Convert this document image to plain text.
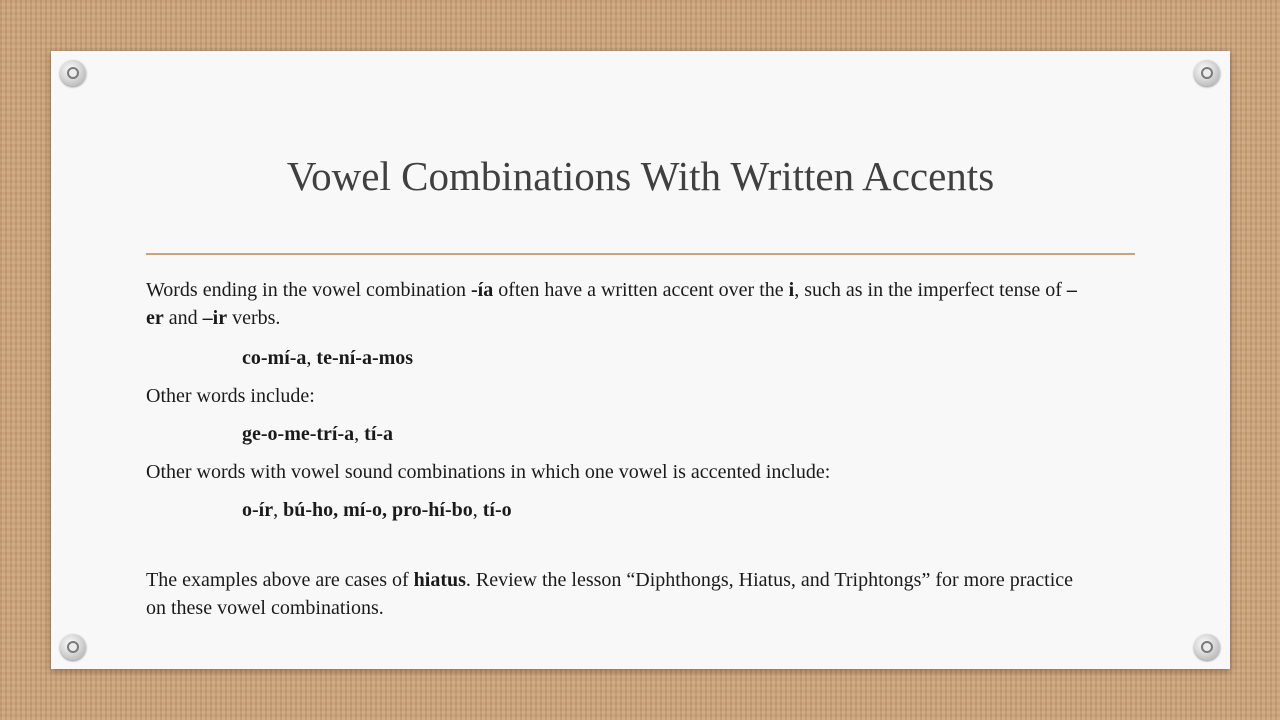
Vowel Combinations With Written Accents

Words ending in the vowel combination -ía often have a written accent over the i, such as in the imperfect tense of –er and –ir verbs.

co-mí-a, te-ní-a-mos

Other words include:

ge-o-me-trí-a, tí-a

Other words with vowel sound combinations in which one vowel is accented include:

o-ír, bú-ho, mí-o, pro-hí-bo, tí-o

The examples above are cases of hiatus. Review the lesson “Diphthongs, Hiatus, and Triphtongs” for more practice on these vowel combinations.
